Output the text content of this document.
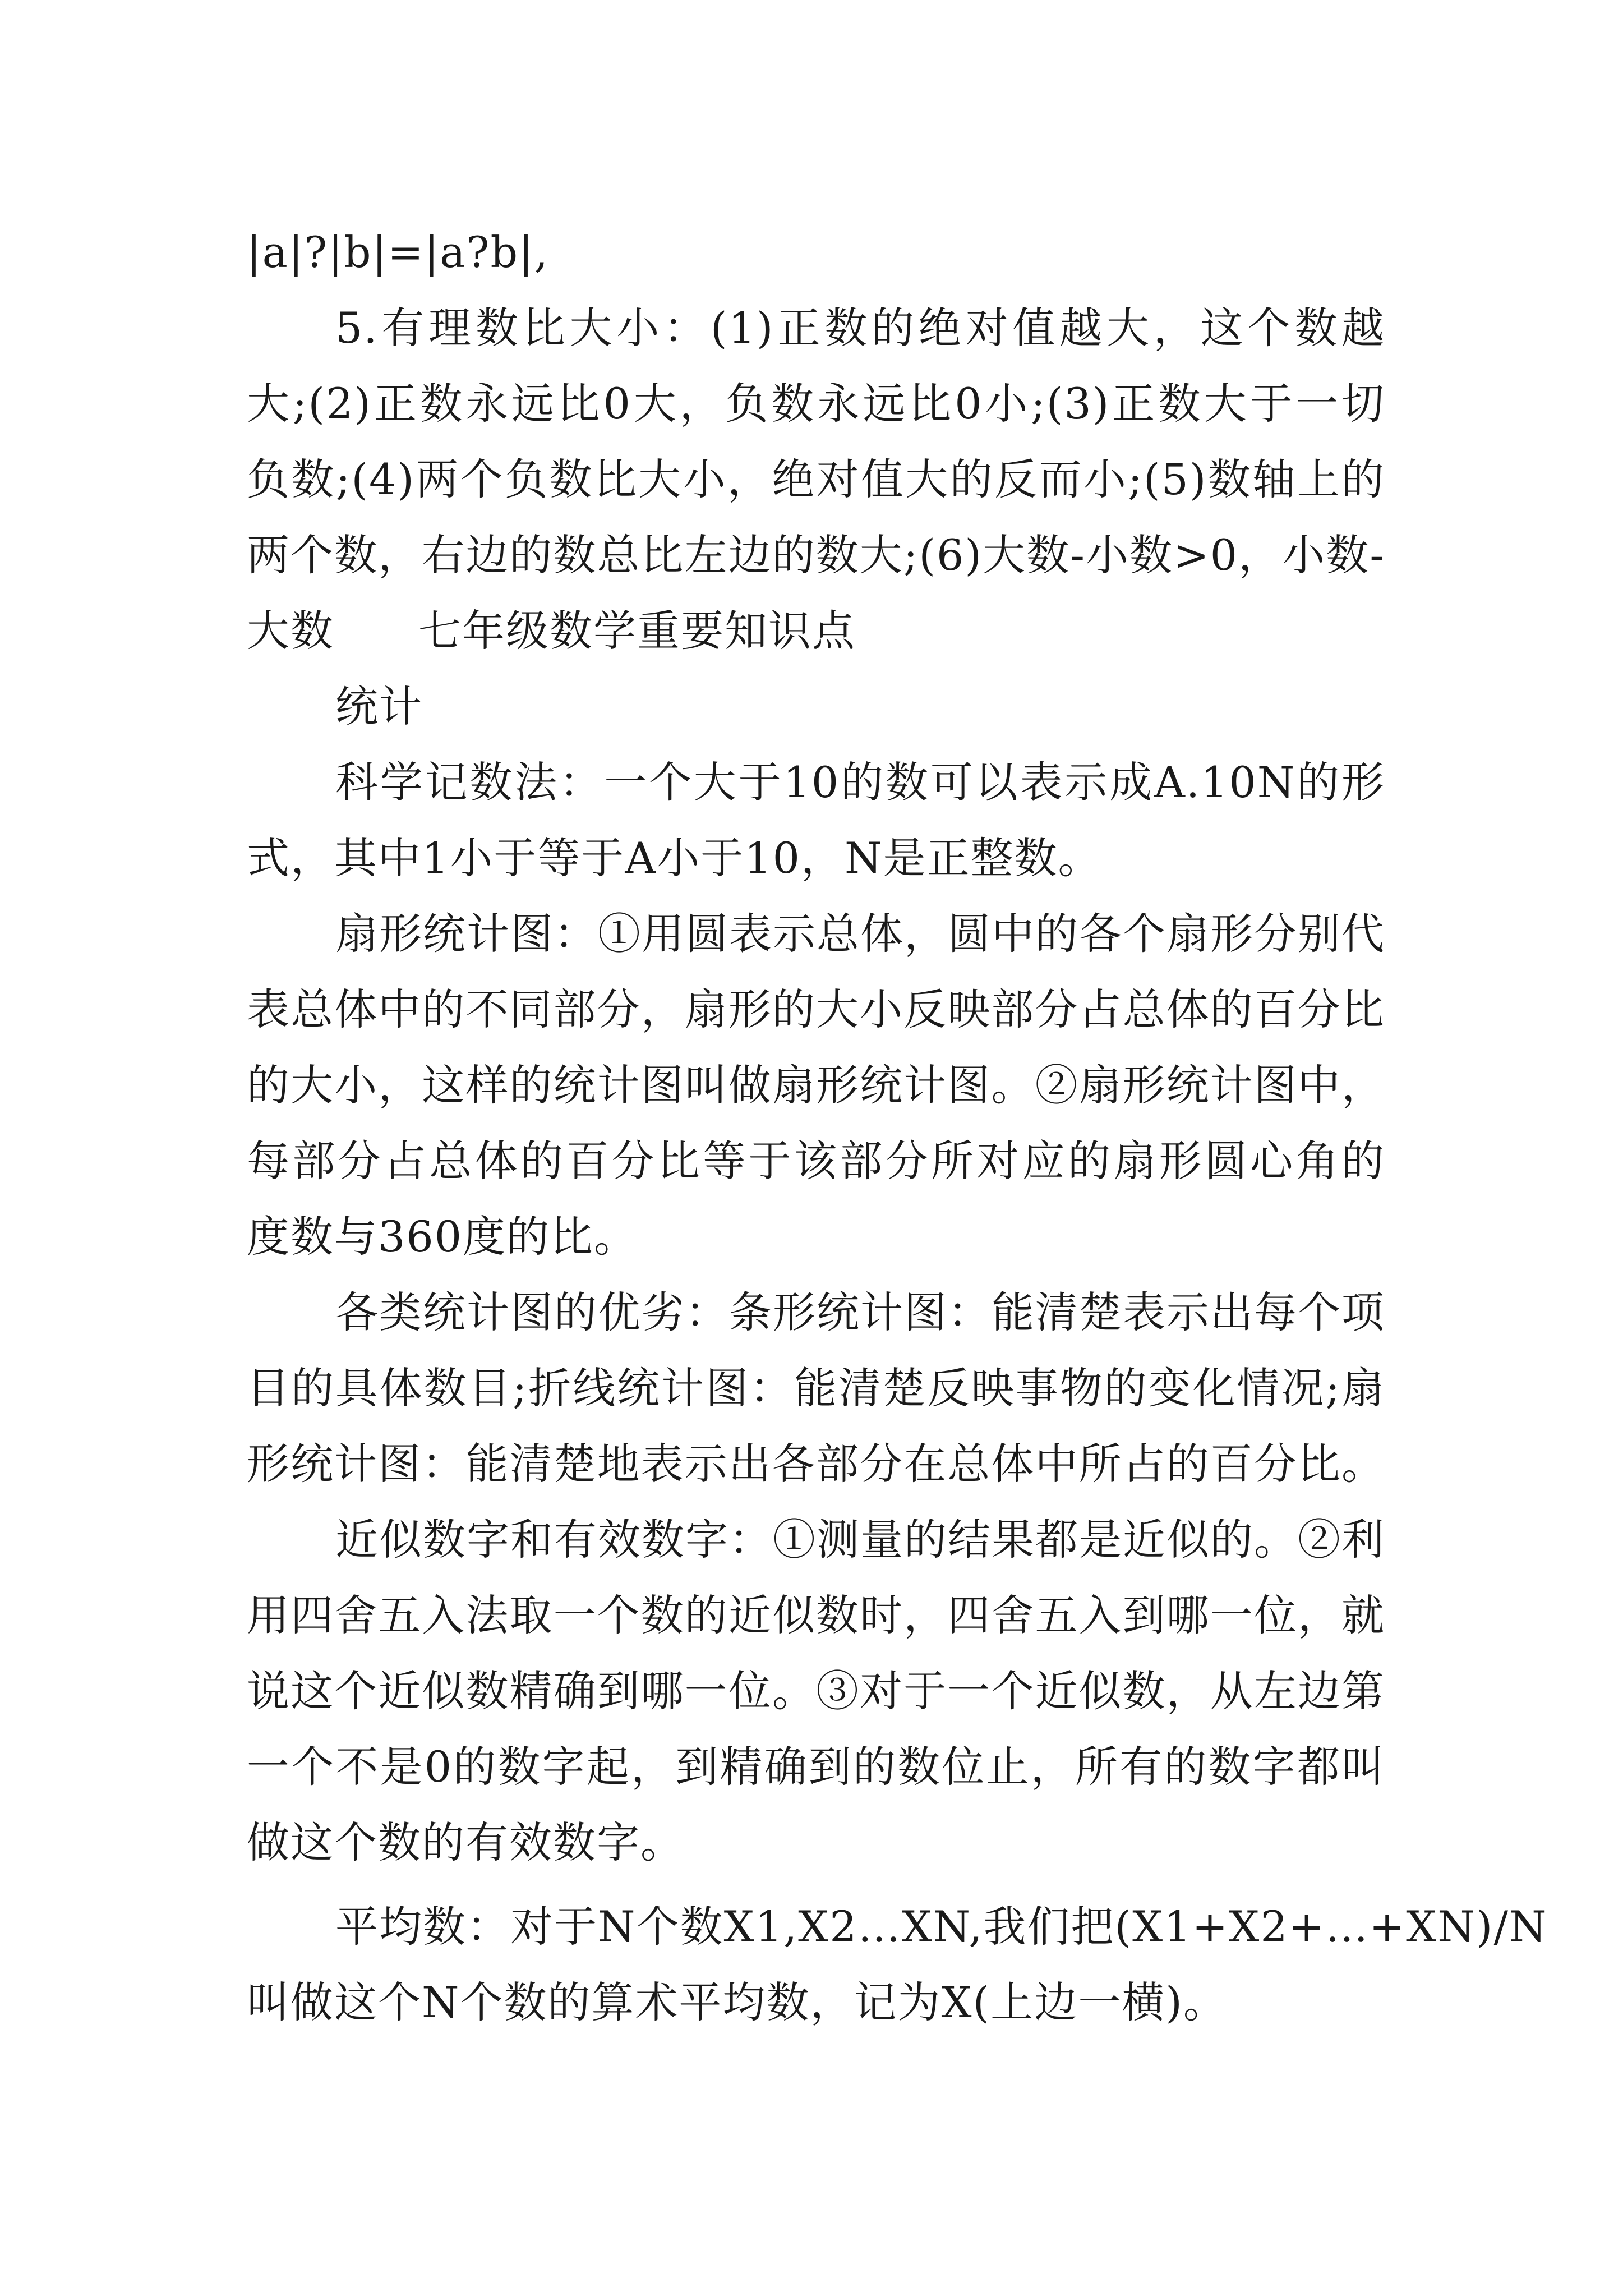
|a|?|b|=|a?b|,
5.有理数比大小：(1)正数的绝对值越大，这个数越
大;(2)正数永远比0大，负数永远比0小;(3)正数大于一切
负数;(4)两个负数比大小，绝对值大的反而小;(5)数轴上的
两个数，右边的数总比左边的数大;(6)大数-小数>0，小数-
大数 七年级数学重要知识点
统计
科学记数法：一个大于10的数可以表示成A.10N的形
式，其中1小于等于A小于10，N是正整数。
扇形统计图：①用圆表示总体，圆中的各个扇形分别代
表总体中的不同部分，扇形的大小反映部分占总体的百分比
的大小，这样的统计图叫做扇形统计图。②扇形统计图中，
每部分占总体的百分比等于该部分所对应的扇形圆心角的
度数与360度的比。
各类统计图的优劣：条形统计图：能清楚表示出每个项
目的具体数目;折线统计图：能清楚反映事物的变化情况;扇
形统计图：能清楚地表示出各部分在总体中所占的百分比。
近似数字和有效数字：①测量的结果都是近似的。②利
用四舍五入法取一个数的近似数时，四舍五入到哪一位，就
说这个近似数精确到哪一位。③对于一个近似数，从左边第
一个不是0的数字起，到精确到的数位止，所有的数字都叫
做这个数的有效数字。
平均数：对于N个数X1,X2…XN,我们把(X1+X2+…+XN)/N
叫做这个N个数的算术平均数，记为X(上边一横)。
